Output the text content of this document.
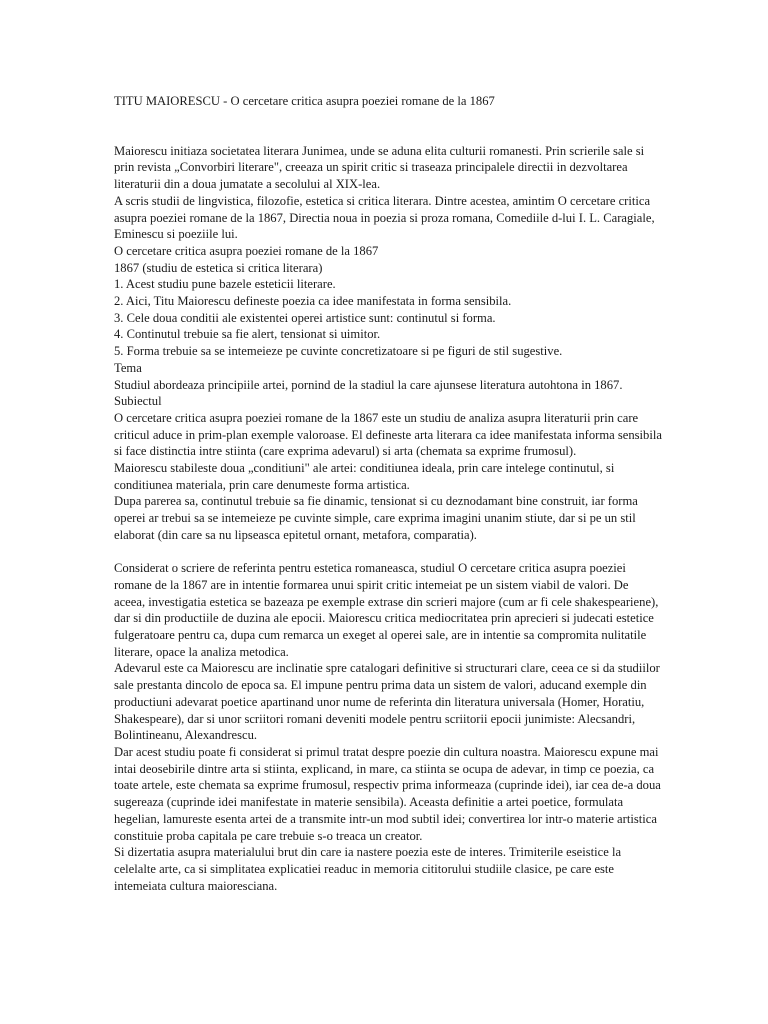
TITU MAIORESCU - O cercetare critica asupra poeziei romane de la 1867

Maiorescu initiaza societatea literara Junimea, unde se aduna elita culturii romanesti. Prin scrierile sale si prin revista „Convorbiri literare", creeaza un spirit critic si traseaza principalele directii in dezvoltarea literaturii din a doua jumatate a secolului al XIX-lea.

A scris studii de lingvistica, filozofie, estetica si critica literara. Dintre acestea, amintim O cercetare critica asupra poeziei romane de la 1867, Directia noua in poezia si proza romana, Comediile d-lui I. L. Caragiale, Eminescu si poeziile lui.

O cercetare critica asupra poeziei romane de la 1867

1867 (studiu de estetica si critica literara)

1. Acest studiu pune bazele esteticii literare.
2. Aici, Titu Maiorescu defineste poezia ca idee manifestata in forma sensibila.
3. Cele doua conditii ale existentei operei artistice sunt: continutul si forma.
4. Continutul trebuie sa fie alert, tensionat si uimitor.
5. Forma trebuie sa se intemeieze pe cuvinte concretizatoare si pe figuri de stil sugestive.

Tema

Studiul abordeaza principiile artei, pornind de la stadiul la care ajunsese literatura autohtona in 1867.

Subiectul

O cercetare critica asupra poeziei romane de la 1867 este un studiu de analiza asupra literaturii prin care criticul aduce in prim-plan exemple valoroase. El defineste arta literara ca idee manifestata informa sensibila si face distinctia intre stiinta (care exprima adevarul) si arta (chemata sa exprime frumosul).

Maiorescu stabileste doua „conditiuni" ale artei: conditiunea ideala, prin care intelege continutul, si conditiunea materiala, prin care denumeste forma artistica.

Dupa parerea sa, continutul trebuie sa fie dinamic, tensionat si cu deznodamant bine construit, iar forma operei ar trebui sa se intemeieze pe cuvinte simple, care exprima imagini unanim stiute, dar si pe un stil elaborat (din care sa nu lipseasca epitetul ornant, metafora, comparatia).

Considerat o scriere de referinta pentru estetica romaneasca, studiul O cercetare critica asupra poeziei romane de la 1867 are in intentie formarea unui spirit critic intemeiat pe un sistem viabil de valori. De aceea, investigatia estetica se bazeaza pe exemple extrase din scrieri majore (cum ar fi cele shakespeariene), dar si din productiile de duzina ale epocii. Maiorescu critica mediocritatea prin aprecieri si judecati estetice fulgeratoare pentru ca, dupa cum remarca un exeget al operei sale, are in intentie sa compromita nulitatile literare, opace la analiza metodica.

Adevarul este ca Maiorescu are inclinatie spre catalogari definitive si structurari clare, ceea ce si da studiilor sale prestanta dincolo de epoca sa. El impune pentru prima data un sistem de valori, aducand exemple din productiuni adevarat poetice apartinand unor nume de referinta din literatura universala (Homer, Horatiu, Shakespeare), dar si unor scriitori romani deveniti modele pentru scriitorii epocii junimiste: Alecsandri, Bolintineanu, Alexandrescu.

Dar acest studiu poate fi considerat si primul tratat despre poezie din cultura noastra. Maiorescu expune mai intai deosebirile dintre arta si stiinta, explicand, in mare, ca stiinta se ocupa de adevar, in timp ce poezia, ca toate artele, este chemata sa exprime frumosul, respectiv prima informeaza (cuprinde idei), iar cea de-a doua sugereaza (cuprinde idei manifestate in materie sensibila). Aceasta definitie a artei poetice, formulata hegelian, lamureste esenta artei de a transmite intr-un mod subtil idei; convertirea lor intr-o materie artistica constituie proba capitala pe care trebuie s-o treaca un creator.

Si dizertatia asupra materialului brut din care ia nastere poezia este de interes. Trimiterile eseistice la celelalte arte, ca si simplitatea explicatiei readuc in memoria cititorului studiile clasice, pe care este intemeiata cultura maioresciana.
